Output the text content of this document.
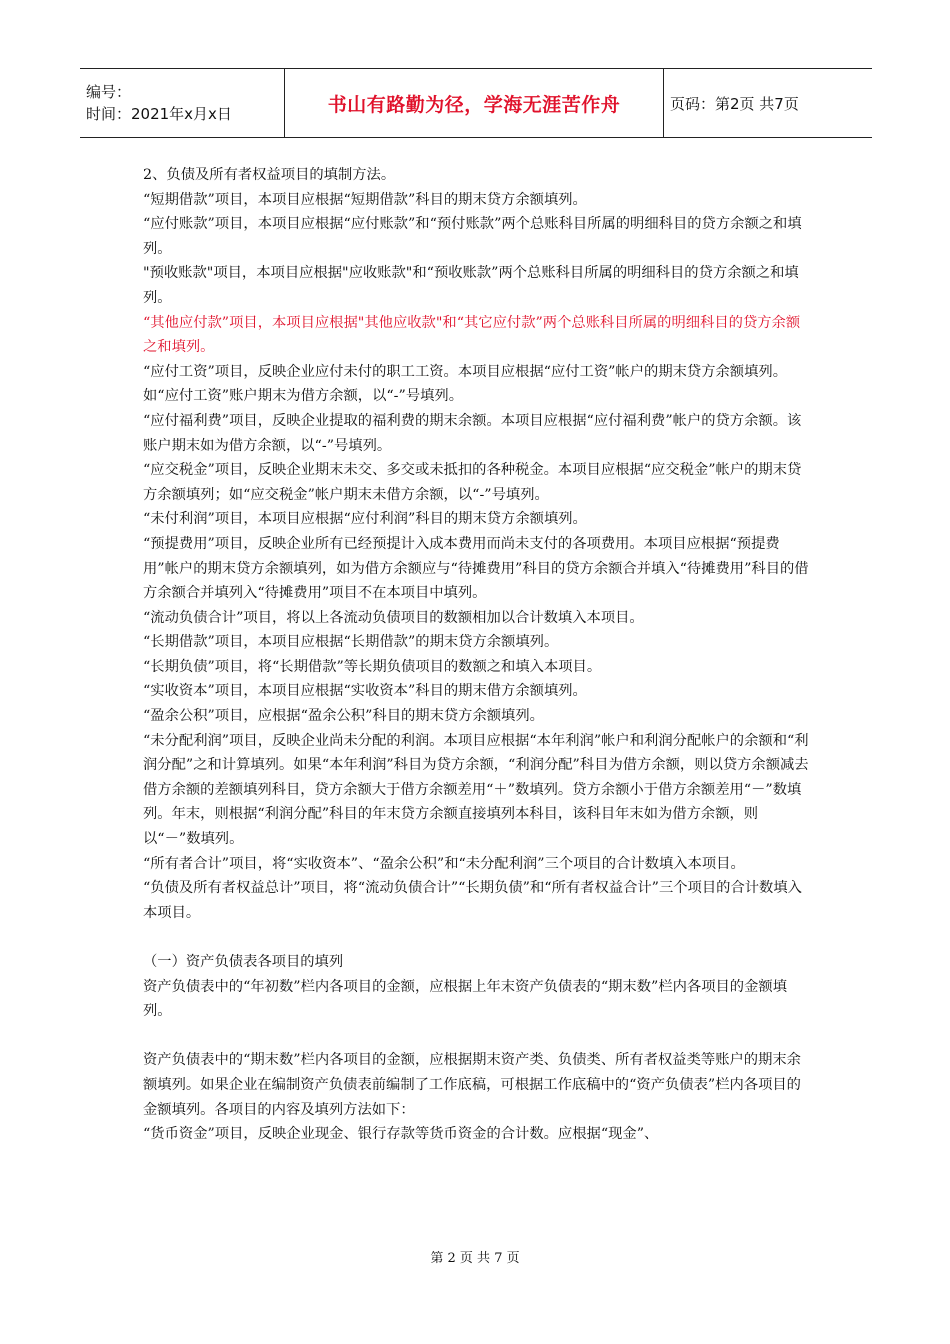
编号：
时间：2021年x月x日	书山有路勤为径，学海无涯苦作舟	页码：第2页 共7页

2、负债及所有者权益项目的填制方法。

“短期借款”项目，本项目应根据“短期借款”科目的期末贷方余额填列。

“应付账款”项目，本项目应根据“应付账款”和“预付账款”两个总账科目所属的明细科目的贷方余额之和填列。

"预收账款"项目，本项目应根据"应收账款"和“预收账款”两个总账科目所属的明细科目的贷方余额之和填列。

“其他应付款”项目，本项目应根据"其他应收款"和“其它应付款”两个总账科目所属的明细科目的贷方余额之和填列。

“应付工资”项目，反映企业应付未付的职工工资。本项目应根据“应付工资”帐户的期末贷方余额填列。如“应付工资”账户期末为借方余额，以“-”号填列。

“应付福利费”项目，反映企业提取的福利费的期末余额。本项目应根据“应付福利费”帐户的贷方余额。该账户期末如为借方余额，以“-”号填列。

“应交税金”项目，反映企业期末未交、多交或未抵扣的各种税金。本项目应根据“应交税金”帐户的期末贷方余额填列；如“应交税金”帐户期末未借方余额，以“-”号填列。

“未付利润”项目，本项目应根据“应付利润”科目的期末贷方余额填列。

“预提费用”项目，反映企业所有已经预提计入成本费用而尚未支付的各项费用。本项目应根据“预提费用”帐户的期末贷方余额填列，如为借方余额应与“待摊费用”科目的贷方余额合并填入“待摊费用”科目的借方余额合并填列入“待摊费用”项目不在本项目中填列。

“流动负债合计”项目，将以上各流动负债项目的数额相加以合计数填入本项目。

“长期借款”项目，本项目应根据“长期借款”的期末贷方余额填列。

“长期负债”项目，将“长期借款”等长期负债项目的数额之和填入本项目。

“实收资本”项目，本项目应根据“实收资本”科目的期末借方余额填列。

“盈余公积”项目，应根据“盈余公积”科目的期末贷方余额填列。

“未分配利润”项目，反映企业尚未分配的利润。本项目应根据“本年利润”帐户和利润分配帐户的余额和“利润分配”之和计算填列。如果“本年利润”科目为贷方余额，“利润分配”科目为借方余额，则以贷方余额减去借方余额的差额填列科目，贷方余额大于借方余额差用“＋”数填列。贷方余额小于借方余额差用“－”数填列。年末，则根据“利润分配”科目的年末贷方余额直接填列本科目，该科目年末如为借方余额，则以“－”数填列。

“所有者合计”项目，将“实收资本”、“盈余公积”和“未分配利润”三个项目的合计数填入本项目。

“负债及所有者权益总计”项目，将“流动负债合计”“长期负债”和“所有者权益合计”三个项目的合计数填入本项目。

（一）资产负债表各项目的填列

资产负债表中的“年初数”栏内各项目的金额，应根据上年末资产负债表的“期末数”栏内各项目的金额填列。

资产负债表中的“期末数”栏内各项目的金额，应根据期末资产类、负债类、所有者权益类等账户的期末余额填列。如果企业在编制资产负债表前编制了工作底稿，可根据工作底稿中的“资产负债表”栏内各项目的金额填列。各项目的内容及填列方法如下：

“货币资金”项目，反映企业现金、银行存款等货币资金的合计数。应根据“现金”、

第 2 页 共 7 页
